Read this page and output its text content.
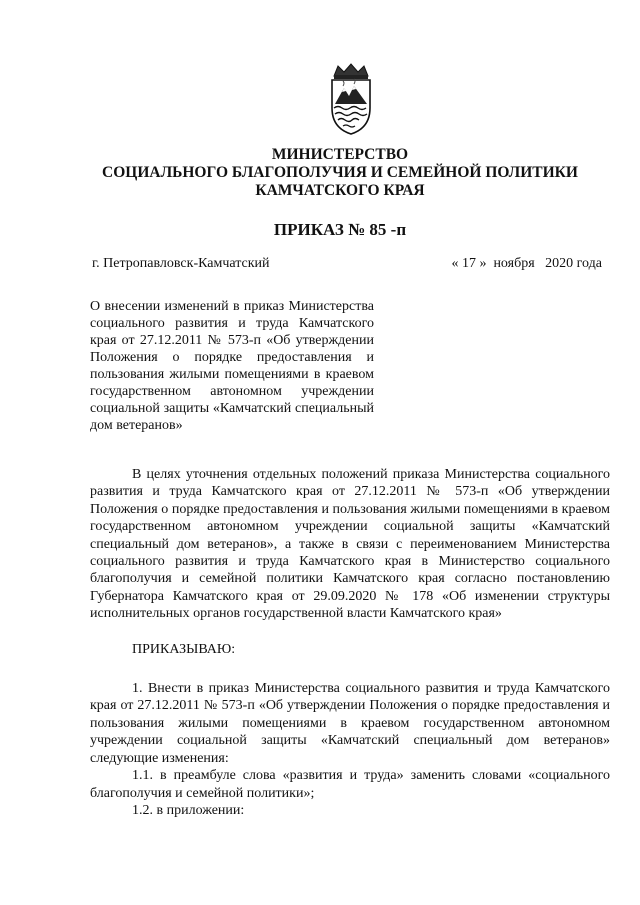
МИНИСТЕРСТВО
СОЦИАЛЬНОГО БЛАГОПОЛУЧИЯ И СЕМЕЙНОЙ ПОЛИТИКИ
КАМЧАТСКОГО КРАЯ
ПРИКАЗ № 85 -п
г. Петропавловск-Камчатский	« 17 »  ноября   2020 года
О внесении изменений в приказ Министерства социального развития и труда Камчатского края от 27.12.2011 № 573-п «Об утверждении Положения о порядке предоставления и пользования жилыми помещениями в краевом государственном автономном учреждении социальной защиты «Камчатский специальный дом ветеранов»

В целях уточнения отдельных положений приказа Министерства социального развития и труда Камчатского края от 27.12.2011 № 573-п «Об утверждении Положения о порядке предоставления и пользования жилыми помещениями в краевом государственном автономном учреждении социальной защиты «Камчатский специальный дом ветеранов», а также в связи с переименованием Министерства социального развития и труда Камчатского края в Министерство социального благополучия и семейной политики Камчатского края согласно постановлению Губернатора Камчатского края от 29.09.2020 № 178 «Об изменении структуры исполнительных органов государственной власти Камчатского края»

ПРИКАЗЫВАЮ:

1. Внести в приказ Министерства социального развития и труда Камчатского края от 27.12.2011 № 573-п «Об утверждении Положения о порядке предоставления и пользования жилыми помещениями в краевом государственном автономном учреждении социальной защиты «Камчатский специальный дом ветеранов» следующие изменения:

1.1. в преамбуле слова «развития и труда» заменить словами «социального благополучия и семейной политики»;

1.2. в приложении:
